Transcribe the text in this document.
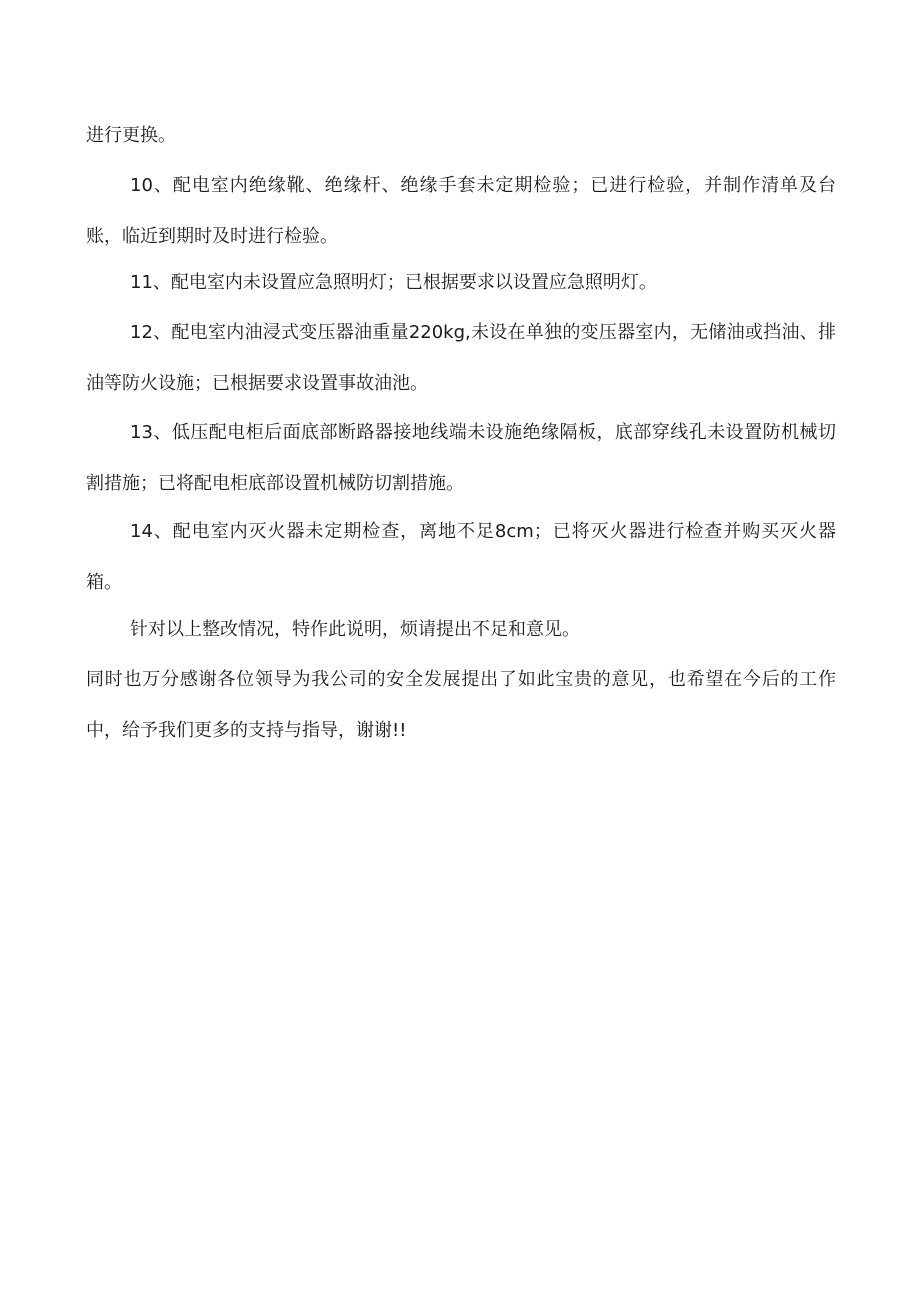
进行更换。

10、配电室内绝缘靴、绝缘杆、绝缘手套未定期检验；已进行检验，并制作清单及台账，临近到期时及时进行检验。

11、配电室内未设置应急照明灯；已根据要求以设置应急照明灯。

12、配电室内油浸式变压器油重量220kg,未设在单独的变压器室内，无储油或挡油、排油等防火设施；已根据要求设置事故油池。

13、低压配电柜后面底部断路器接地线端未设施绝缘隔板，底部穿线孔未设置防机械切割措施；已将配电柜底部设置机械防切割措施。

14、配电室内灭火器未定期检查，离地不足8cm；已将灭火器进行检查并购买灭火器箱。

针对以上整改情况，特作此说明，烦请提出不足和意见。

同时也万分感谢各位领导为我公司的安全发展提出了如此宝贵的意见，也希望在今后的工作中，给予我们更多的支持与指导，谢谢!!
